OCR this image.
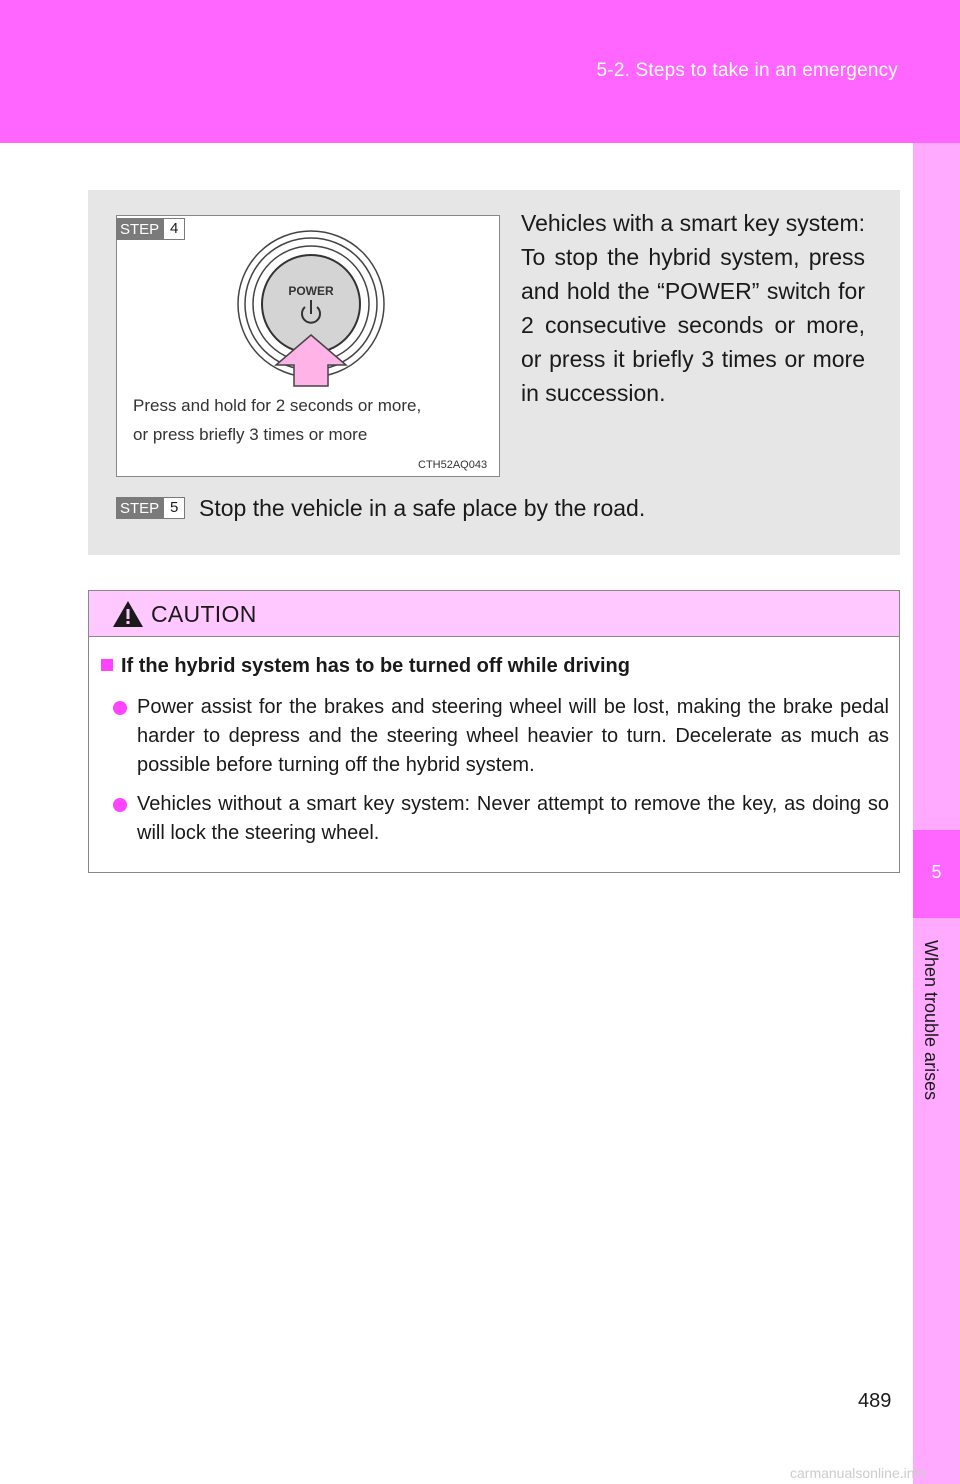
5-2. Steps to take in an emergency
5
When trouble arises
POWER
STEP 4
Press and hold for 2 seconds or more,
or press briefly 3 times or more
CTH52AQ043
Vehicles with a smart key system: To stop the hybrid system, press and hold the “POWER” switch for 2 consecutive seconds or more, or press it briefly 3 times or more in succession.
STEP 5 Stop the vehicle in a safe place by the road.
CAUTION
If the hybrid system has to be turned off while driving
Power assist for the brakes and steering wheel will be lost, making the brake pedal harder to depress and the steering wheel heavier to turn. Decelerate as much as possible before turning off the hybrid system.
Vehicles without a smart key system: Never attempt to remove the key, as doing so will lock the steering wheel.
489
carmanualsonline.info
